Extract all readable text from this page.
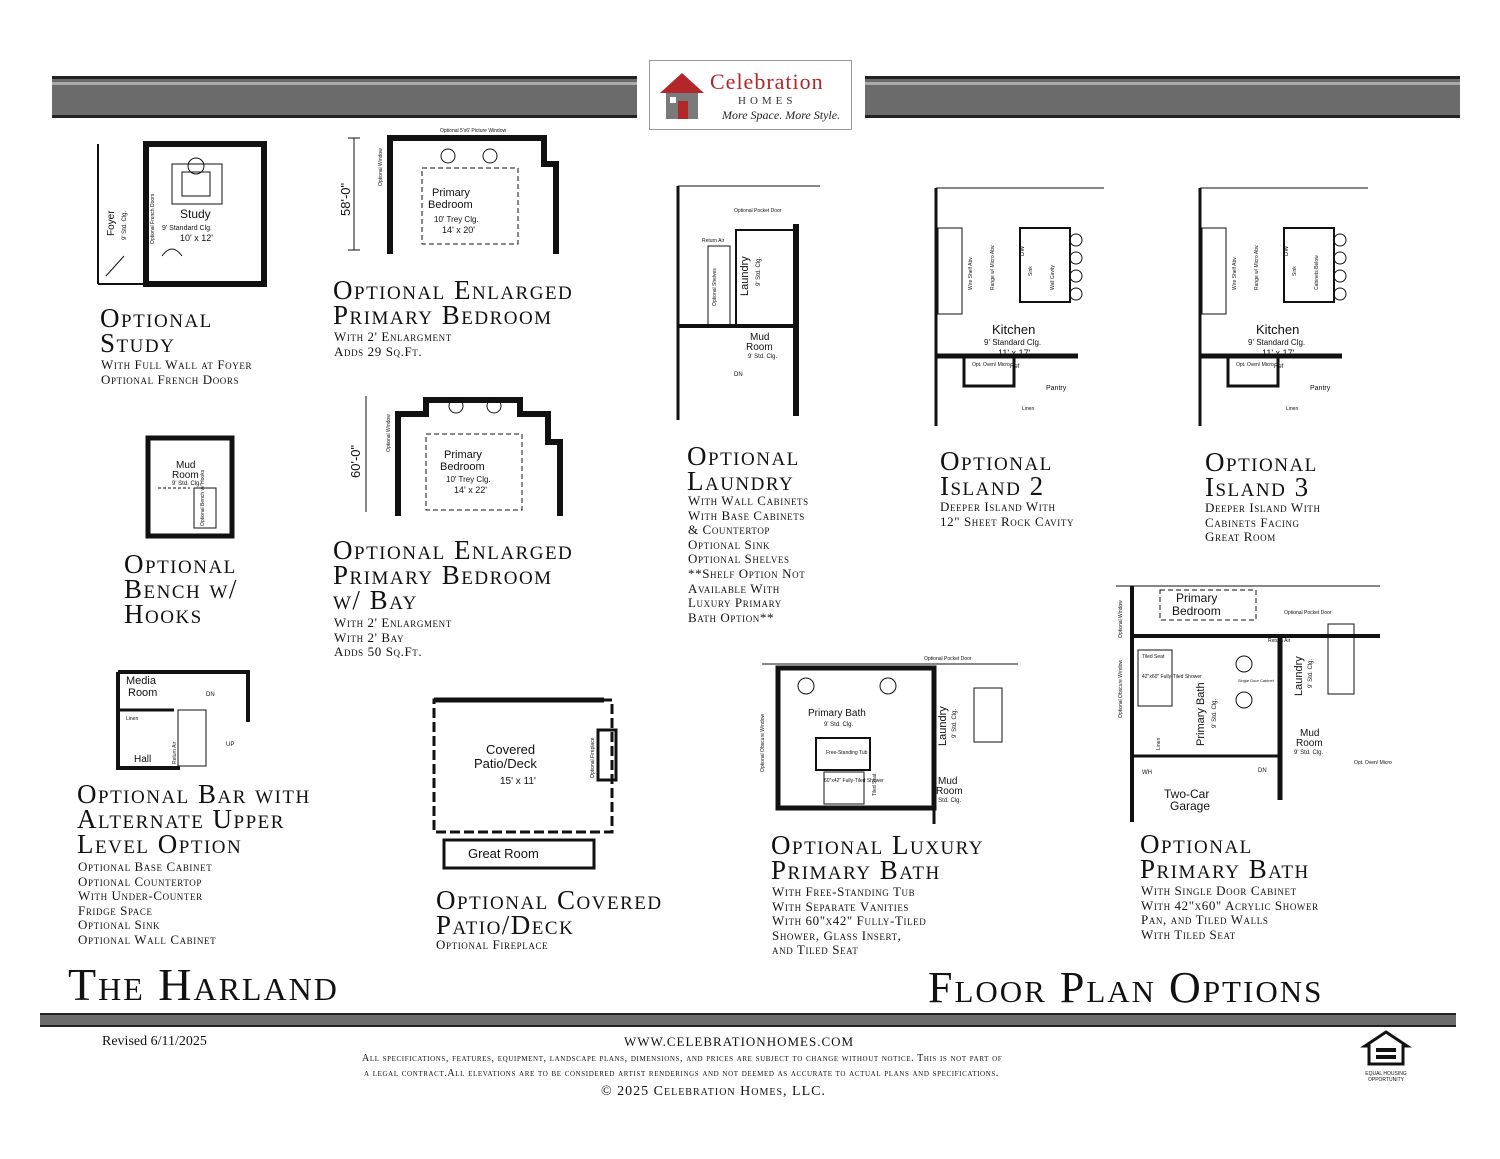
Celebration
HOMES
More Space. More Style.
Study
9' Standard Clg.
10' x 12'
Foyer 9' Std. Clg.	Optional French Doors
Optional
Study
With Full Wall at Foyer
Optional French Doors
Primary Bedroom
10' Trey Clg.
14' x 20'
58'-0"
Optional 5'x6' Picture Window
Optional Window
Optional Enlarged
Primary Bedroom
With 2' Enlargment
Adds 29 Sq.Ft.
Primary Bedroom
10' Trey Clg.
14' x 22'
60'-0"
Optional Window
Optional Enlarged
Primary Bedroom
w/ Bay
With 2' Enlargment
With 2' Bay
Adds 50 Sq.Ft.
Mud Room
9' Std. Clg.
Optional Bench w/ Hooks
Optional
Bench w/
Hooks
Media Room
Hall
Linen
DN
UP
Return Air
Optional Bar with
Alternate Upper
Level Option
Optional Base Cabinet
Optional Countertop
With Under-Counter
Fridge Space
Optional Sink
Optional Wall Cabinet
Covered Patio/Deck
15' x 11'
Great Room
Optional Fireplace
Optional Covered
Patio/Deck
Optional Fireplace
Laundry 9' Std. Clg.
Mud Room
9' Std. Clg.
Return Air
Optional Pocket Door
Optional Shelves
DN
Optional
Laundry
With Wall Cabinets
With Base Cabinets
& Countertop
Optional Sink
Optional Shelves
**Shelf Option Not
Available With
Luxury Primary
Bath Option**
Kitchen
9' Standard Clg.
11' x 17'
Opt. Oven/ Micro Ref
Pantry
Linen
Sink
DW
Range w/ Micro Abv.	Wall Cavity
Wire Shelf Abv.
Optional
Island 2
Deeper Island With
12" Sheet Rock Cavity
Kitchen
9' Standard Clg.
11' x 17'
Opt. Oven/ Micro Ref
Pantry
Linen
Sink
DW
Range w/ Micro Abv.	Cabinets Below
Wire Shelf Abv.
Optional
Island 3
Deeper Island With
Cabinets Facing
Great Room
Primary Bath
9' Std. Clg.
Free-Standing Tub
60"x42" Fully-Tiled Shower
Tiled Seat
Laundry 9' Std. Clg.
Mud Room
9' Std. Clg.
Optional Obscure Window
Optional Pocket Door
Optional Luxury
Primary Bath
With Free-Standing Tub
With Separate Vanities
With 60"x42" Fully-Tiled
Shower, Glass Insert,
and Tiled Seat
Primary Bedroom
Primary Bath 9' Std. Clg.
Laundry 9' Std. Clg.
Mud Room
9' Std. Clg.
Two-Car Garage
42"x60" Fully-Tiled Shower
Tiled Seat
Single Door Cabinet
WH
Linen
Return Air
Optional Pocket Door
Optional Window
Optional Obscure Window
Opt. Oven/ Micro
DN
Optional
Primary Bath
With Single Door Cabinet
With 42"x60" Acrylic Shower
Pan, and Tiled Walls
With Tiled Seat
The Harland	Floor Plan Options
Revised 6/11/2025	WWW.CELEBRATIONHOMES.COM
All specifications, features, equipment, landscape plans, dimensions, and prices are subject to change without notice. This is not part of
a legal contract.All elevations are to be considered artist renderings and not deemed as accurate to actual plans and specifications.
© 2025 Celebration Homes, LLC.
EQUAL HOUSING
OPPORTUNITY
